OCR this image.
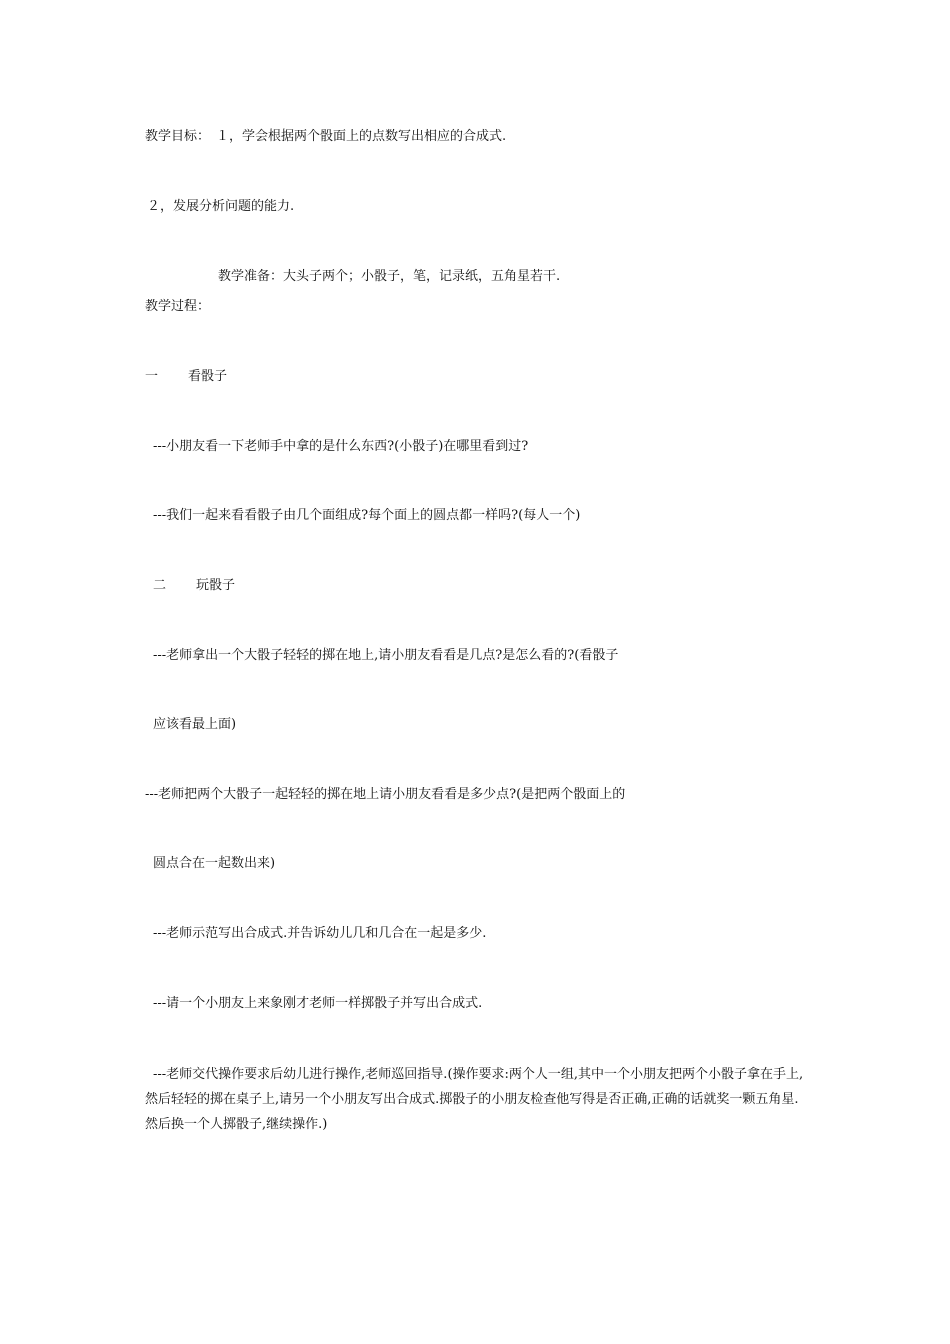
教学目标： １，学会根据两个骰面上的点数写出相应的合成式.
２，发展分析问题的能力.
教学准备：大头子两个；小骰子，笔，记录纸，五角星若干.
教学过程：
一 看骰子
---小朋友看一下老师手中拿的是什么东西?(小骰子)在哪里看到过?
---我们一起来看看骰子由几个面组成?每个面上的圆点都一样吗?(每人一个)
二 玩骰子
---老师拿出一个大骰子轻轻的掷在地上,请小朋友看看是几点?是怎么看的?(看骰子
应该看最上面)
---老师把两个大骰子一起轻轻的掷在地上请小朋友看看是多少点?(是把两个骰面上的
圆点合在一起数出来)
---老师示范写出合成式.并告诉幼儿几和几合在一起是多少.
---请一个小朋友上来象刚才老师一样掷骰子并写出合成式.
---老师交代操作要求后幼儿进行操作,老师巡回指导.(操作要求:两个人一组,其中一个小朋友把两个小骰子拿在手上,然后轻轻的掷在桌子上,请另一个小朋友写出合成式.掷骰子的小朋友检查他写得是否正确,正确的话就奖一颗五角星.然后换一个人掷骰子,继续操作.)
